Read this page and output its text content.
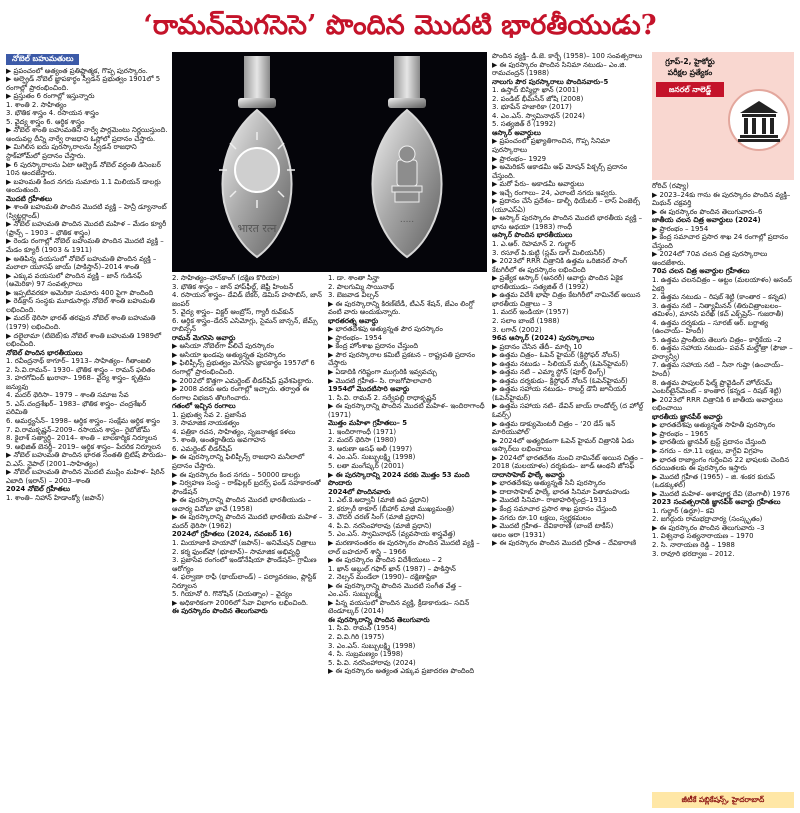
‘రామన్‌మెగసెసె’ పొందిన మొదటి భారతీయుడు?
నోబెల్‌ బహుమతులు

▶ ప్రపంచంలో అత్యంత ప్రతిష్ఠాత్మక, గొప్ప పురస్కారం.

▶ ఆల్ఫ్రెడ్‌ నోబెల్‌ జ్ఞాపకార్థం స్వీడన్‌ ప్రభుత్వం 1901లో 5 రంగాల్లో ప్రారంభించింది.

▶ ప్రస్తుతం 6 రంగాల్లో ఇస్తున్నారు

1. శాంతి 2. సాహిత్యం

3. భౌతిక శాస్త్రం 4. రసాయన శాస్త్రం

5. వైద్య శాస్త్రం 6. ఆర్థిక శాస్త్రం

▶ నోబెల్‌ శాంతి బహుమతిని నార్వే పార్లమెంటు నిర్ణయిస్తుంది. అందువల్ల దీన్ని నార్వే రాజధాని ఓస్లోలో ప్రదానం చేస్తారు.

▶ మిగిలిన ఐదు పురస్కారాలను స్వీడన్‌ రాజధాని స్టాక్‌హోమ్‌లో ప్రదానం చేస్తారు.

▶ 6 పురస్కారాలను ఏటా ఆల్ఫ్రెడ్‌ నోబెల్‌ వర్ధంతి డిసెంబర్‌ 10న అందజేస్తారు.

▶ బహుమతి కింద నగదు సుమారు 1.1 మిలియన్‌ డాలర్లు అందుతుంది.

మొదటి గ్రహీతలు

▶ శాంతి బహుమతి పొందిన మొదటి వ్యక్తి – హెన్రీ డ్యూనాంట్‌ (స్విట్జర్లాండ్‌)

▶ నోబెల్‌ బహుమతి పొందిన మొదటి మహిళ – మేడం క్యూరీ (ఫ్రాన్స్‌ – 1903 – భౌతిక శాస్త్రం)

▶ రెండు రంగాల్లో నోబెల్‌ బహుమతి పొందిన మొదటి వ్యక్తి – మేడం క్యూరీ (1903 & 1911)

▶ అతిపిన్న వయసులో నోబెల్‌ బహుమతి పొందిన వ్యక్తి – మలాలా యూసఫ్‌ జాయ్‌ (పాకిస్తాన్‌)–2014 శాంతి

▶ ఎక్కువ వయసులో పొందిన వ్యక్తి – జాన్‌ గుడినఫ్‌ (అమెరికా) 97 సంవత్సరాలు

▶ ఇప్పటివరకూ అమెరికా సుమారు 400 పైగా పొందింది

▶ రెడ్‌క్రాస్‌ సంస్థకు మూడుసార్లు నోబెల్‌ శాంతి బహుమతి లభించింది.

▶ మదర్‌ థెరిసా భారత్‌ తరఫున నోబెల్‌ శాంతి బహుమతి (1979) లభించింది.

▶ దలైలామా (టిబెట్‌)కు నోబెల్‌ శాంతి బహుమతి 1989లో లభించింది.

నోబెల్‌ పొందిన భారతీయులు

1. రవీంద్రనాథ్‌ ఠాగూర్‌– 1913– సాహిత్యం– గీతాంజలి

2. సి.వి.రామన్‌– 1930– భౌతిక శాస్త్రం – రామన్‌ ఫలితం

3. హరగోవింద్‌ ఖురానా– 1968– వైద్య శాస్త్రం– కృత్రిమ జన్యువు

4. మదర్‌ థెరిసా– 1979 – శాంతి సమాజ సేవ

5. ఎస్‌.చంద్రశేఖర్‌– 1983– భౌతిక శాస్త్రం– చంద్రశేఖర్‌ పరిమితి

6. అమర్త్యసేన్‌– 1998– ఆర్థిక శాస్త్రం– సంక్షేమ ఆర్థిక శాస్త్రం

7. వి.రామకృష్ణన్‌–2009– రసాయన శాస్త్రం– రైబోజోమ్‌

8. కైలాశ్‌ సత్యార్థి– 2014– శాంతి – బాలకార్మిక నిర్మూలన

9. అభిజిత్‌ బెనర్జీ– 2019– ఆర్థిక శాస్త్రం– పేదరిక నిర్మూలన

▶ నోబెల్‌ బహుమతి పొందిన భారత సంతతి బ్రిటిష్‌ పౌరుడు–వి.ఎస్‌. నైపాల్‌ (2001–సాహిత్యం)

▶ నోబెల్‌ బహుమతి పొందిన మొదటి ముస్లిం మహిళ– షిరిన్‌ ఎబాది (ఇరాన్‌) – 2003–శాంతి

2024 నోబెల్‌ గ్రహీతలు

1. శాంతి– నిహాన్‌ హిడాంక్యో (జపాన్‌)

भारत रत्न
.....

2. సాహిత్యం–హాన్‌కాంగ్‌ (దక్షిణ కొరియా)

3. భౌతిక శాస్త్రం – జాన్‌ హాప్‌ఫీల్డ్‌, జెఫ్రీ హింటన్‌

4. రసాయన శాస్త్రం– డేవిడ్‌ బేకర్‌, డెమిస్‌ హసాబిస్‌, జాన్‌ జంపర్‌

5. వైద్య శాస్త్రం– విక్టర్‌ ఆంబ్రోస్‌, గ్యారీ రువ్‌కున్‌

6. ఆర్థిక శాస్త్రం–డేరన్‌ ఎసిమోగ్లు, సైమన్‌ జాన్సన్‌, జేమ్స్‌ రాబిన్సన్‌

రామన్‌ మెగసెసె అవార్డు

▶ ఆసియా నోబెల్‌గా పిలిచే పురస్కారం

▶ ఆసియా ఖండపు అత్యున్నత పురస్కారం

▶ ఫిలిప్పీన్స్‌ ప్రభుత్వం మెగసెసె జ్ఞాపకార్థం 1957లో 6 రంగాల్లో ప్రారంభించింది.

▶ 2002లో కొత్తగా ఎమర్జెంట్‌ లీడర్‌షిప్‌ ప్రవేశపెట్టారు.

▶ 2008 వరకు ఆరు రంగాల్లో ఇచ్చారు. తర్వాత ఈ రంగాల విభజన తొలగించారు.

గతంలో ఇచ్చిన రంగాలు

1. ప్రభుత్వ సేవ 2. ప్రజాసేవ

3. సామాజిక నాయకత్వం

4. పత్రికా రచన, సాహిత్యం, సృజనాత్మక కళలు

5. శాంతి, అంతర్జాతీయ అవగాహన

6. ఎమర్జెంట్‌ లీడర్‌షిప్‌

▶ ఈ పురస్కారాన్ని ఫిలిప్పీన్స్‌ రాజధాని మనీలాలో ప్రదానం చేస్తారు.

▶ ఈ పురస్కారం కింద నగదు – 50000 డాలర్లు

▶ నిర్వహణ సంస్థ – రాక్‌ఫెల్లర్‌ బ్రదర్స్‌ ఫండ్‌ సహకారంతో ఫౌండేషన్‌

▶ ఈ పురస్కారాన్ని పొందిన మొదటి భారతీయుడు – ఆచార్య వినోబా భావే (1958)

▶ ఈ పురస్కారాన్ని పొందిన మొదటి భారతీయ మహిళ – మదర్‌ థెరిసా (1962)

2024లో గ్రహీతలు (2024, నవంబర్‌ 16)

1. మియాజాకి హయావో (జపాన్‌)– అనిమేషన్‌ చిత్రాలు

2. కర్మ ఫుంట్‌షో (భూటాన్‌)– సామాజిక అభివృద్ధి

3. ప్రజాసేవ రంగంలో ఇండోనేషియా ఫౌండేషన్‌– గ్రామీణ ఆరోగ్యం

4. ఫర్వాణా రాఫీ (థాయ్‌లాండ్‌) – పర్యావరణం, ప్లాస్టిక్‌ నిర్మూలన

5. గియానో రి. గొనోషిన్‌ (వియత్నాం) – వైద్యం

▶ అధికారికంగా 2006లో సేవా విభాగం లభించింది.

ఈ పురస్కారం పొందిన తెలుగువారు

1. డా. శాంతా సిన్హా

2. పాలగుమ్మి సాయినాథ్‌

3. బెజవాడ విల్సన్‌

▶ ఈ పురస్కారాన్ని కిరణ్‌బేడీ, టీఎన్‌ శేషన్‌, జేఎం లింగ్డో వంటి వారు అందుకున్నారు.

భారతరత్న అవార్డు

▶ భారతదేశపు అత్యున్నత పౌర పురస్కారం

▶ ప్రారంభం– 1954

▶ కేంద్ర హోంశాఖ ప్రదానం చేస్తుంది

▶ పౌర పురస్కారాల కమిటీ ప్రకటన – రాష్ట్రపతి ప్రదానం చేస్తారు

▶ ఏడాదికి గరిష్టంగా ముగ్గురికి ఇవ్వవచ్చు

▶ మొదటి గ్రహీత– సి. రాజగోపాలాచారి

1954లో మొదటిసారి అవార్డు

1. సి.వి. రామన్‌ 2. సర్వేపల్లి రాధాకృష్ణన్‌

▶ ఈ పురస్కారాన్ని పొందిన మొదటి మహిళ– ఇందిరాగాంధీ (1971)

మొత్తం మహిళా గ్రహీతలు– 5

1. ఇందిరాగాంధీ (1971)

2. మదర్‌ థెరిసా (1980)

3. అరుణా అసఫ్‌ అలీ (1997)

4. ఎం.ఎస్‌. సుబ్బులక్ష్మి (1998)

5. లతా మంగేష్కర్‌ (2001)

▶ ఈ పురస్కారాన్ని 2024 వరకు మొత్తం 53 మంది పొందారు

2024లో పొందినవారు

1. ఎల్‌.కె.అద్వానీ (మాజీ ఉప ప్రధాని)

2. కర్పూరీ ఠాకూర్‌ (బీహార్‌ మాజీ ముఖ్యమంత్రి)

3. చౌదరి చరణ్‌ సింగ్‌ (మాజీ ప్రధాని)

4. పి.వి. నరసింహారావు (మాజీ ప్రధాని)

5. ఎం.ఎస్‌. స్వామినాథన్‌ (వ్యవసాయ శాస్త్రవేత్త)

▶ మరణానంతరం ఈ పురస్కారం పొందిన మొదటి వ్యక్తి – లాల్‌ బహదూర్‌ శాస్త్రి – 1966

▶ ఈ పురస్కారం పొందిన విదేశీయులు – 2

1. ఖాన్‌ అబ్దుల్‌ గఫార్‌ ఖాన్‌ (1987) – పాకిస్తాన్‌

2. నెల్సన్‌ మండేలా (1990)– దక్షిణాఫ్రికా

▶ ఈ పురస్కారాన్ని పొందిన మొదటి సంగీత వేత్త – ఎం.ఎస్‌. సుబ్బులక్ష్మి

▶ పిన్న వయసులో పొందిన వ్యక్తి, క్రీడాకారుడు– సచిన్‌ టెండూల్కర్‌ (2014)

ఈ పురస్కారాన్ని పొందిన తెలుగువారు

1. సి.వి. రామన్‌ (1954)

2. వి.వి.గిరి (1975)

3. ఎం.ఎస్‌. సుబ్బులక్ష్మి (1998)

4. సి. సుబ్రమణ్యం (1998)

5. పి.వి. నరసింహారావు (2024)

▶ ఈ పురస్కారం అత్యంత ఎక్కువ ప్రజాదరణ పొందింది

పొందిన వ్యక్తి– డి.జె. కార్బే (1958)– 100 సంవత్సరాలు

▶ ఈ పురస్కారం పొందిన సినిమా నటుడు– ఎం.జి. రామచంద్రన్‌ (1988)

నాలుగు పౌర పురస్కారాలు పొందినవారు–5

1. ఉస్తాద్‌ బిస్మిల్లా ఖాన్‌ (2001)

2. పండిట్‌ భీమ్‌సేన్‌ జోషి (2008)

3. భూపేన్‌ హజారికా (2017)

4. ఎం.ఎస్‌. స్వామినాథన్‌ (2024)

5. సత్యజిత్‌ రే (1992)

ఆస్కార్‌ అవార్డులు

▶ ప్రపంచంలో ప్రఖ్యాతిగాంచిన, గొప్ప సినిమా పురస్కారాలు

▶ ప్రారంభం– 1929

▶ అమెరికన్‌ అకాడమీ ఆఫ్‌ మోషన్‌ పిక్చర్స్‌ ప్రదానం చేస్తుంది.

▶ మరో పేరు– అకాడమీ అవార్డులు

▶ ఇచ్చే రంగాలు– 24, ఎలాంటి నగదు ఇవ్వరు.

▶ ప్రదానం చేసే ప్రదేశం– డాల్బీ థియేటర్‌ – లాస్‌ ఏంజెల్స్‌ (యూఎస్‌ఏ)

▶ ఆస్కార్‌ పురస్కారం పొందిన మొదటి భారతీయ వ్యక్తి – భాను అథయా (1983) గాంధీ

ఆస్కార్‌ పొందిన భారతీయులు

1. ఎ.ఆర్‌. రెహమాన్‌ 2. గుల్జార్‌

3. రసూల్‌ పి.కుట్టి (స్లమ్‌ డాగ్‌ మిలియనీర్‌)

▶ 2023లో RRR చిత్రానికి ఉత్తమ ఒరిజినల్‌ సాంగ్‌ కేటగిరీలో ఈ పురస్కారం లభించింది

▶ ప్రత్యేక ఆస్కార్‌ (ఆనరరీ) అవార్డు పొందిన ఏకైక భారతీయుడు– సత్యజిత్‌ రే (1992)

▶ ఉత్తమ విదేశీ భాషా చిత్రం కేటగిరీలో నామినేట్‌ అయిన భారతీయ చిత్రాలు – 3

1. మదర్‌ ఇండియా (1957)

2. సలాం బాంబే (1988)

3. లగాన్‌ (2002)

96వ ఆస్కార్‌ (2024) పురస్కారాలు

▶ ప్రదానం చేసిన తేదీ– మార్చి 10

▶ ఉత్తమ చిత్రం– ఓపెన్‌ హైమర్‌ (క్రిస్టోఫర్‌ నోలన్‌)

▶ ఉత్తమ నటుడు – సిలియన్‌ మర్ఫీ (ఓపెన్‌హైమర్‌)

▶ ఉత్తమ నటి – ఎమ్మా స్టోన్‌ (పూర్‌ థింగ్స్‌)

▶ ఉత్తమ దర్శకుడు– క్రిస్టోఫర్‌ నోలన్‌ (ఓపెన్‌హైమర్‌)

▶ ఉత్తమ సహాయ నటుడు– రాబర్ట్‌ డౌనీ జూనియర్‌ (ఓపెన్‌హైమర్‌)

▶ ఉత్తమ సహాయ నటి– డేవిన్‌ జాయ్‌ రాండోల్ఫ్‌ (ద హోల్డ్‌ ఓవర్స్‌)

▶ ఉత్తమ డాక్యుమెంటరీ చిత్రం – ‘20 డేస్‌ ఇన్‌ మారియుపోల్‌’

▶ 2024లో అత్యధికంగా ఓపెన్‌ హైమర్‌ చిత్రానికి ఏడు ఆస్కార్‌లు లభించాయి

▶ 2024లో భారతదేశం నుంచి నామినేట్‌ అయిన చిత్రం – 2018 (మలయాళం) దర్శకుడు– జూడ్‌ ఆంథనీ జోసఫ్‌

దాదాసాహెబ్‌ ఫాల్కే అవార్డు

▶ భారతదేశపు అత్యున్నత సినీ పురస్కారం

▶ దాదాసాహెబ్‌ ఫాల్కే భారత సినిమా పితామహుడు

▶ మొదటి సినిమా– రాజాహరిశ్చంద్ర–1913

▶ కేంద్ర సమాచార ప్రసార శాఖ ప్రదానం చేస్తుంది

▶ నగదు రూ.10 లక్షలు, స్వర్ణకమలం

▶ మొదటి గ్రహీత– దేవికారాణి (బాంబే టాకీస్‌)

అలం ఆరా (1931)

▶ ఈ పురస్కారం పొందిన మొదటి గ్రహీత – దేవికారాణి

గ్రూప్‌-2, హైకోర్టు
పరీక్షల ప్రత్యేకం
జనరల్‌ నాలెడ్జ్‌

రోరిచ్‌ (రష్యా)

▶ 2023–24కు గాను ఈ పురస్కారం పొందిన వ్యక్తి– మిథున్‌ చక్రవర్తి

▶ ఈ పురస్కారం పొందిన తెలుగువారు–6

జాతీయ చలన చిత్ర అవార్డులు (2024)

▶ ప్రారంభం – 1954

▶ కేంద్ర సమాచార ప్రసార శాఖ 24 రంగాల్లో ప్రదానం చేస్తుంది

▶ 2024లో 70వ చలన చిత్ర పురస్కారాలు అందజేశారు.

70వ చలన చిత్ర అవార్డుల గ్రహీతలు

1. ఉత్తమ చలనచిత్రం – ఆట్టం (మలయాళం) ఆనంద్‌ ఏకర్షి

2. ఉత్తమ నటుడు – రిషబ్‌ శెట్టి (కాంతార – కన్నడ)

3. ఉత్తమ నటి – నిత్యామీనన్‌ (తిరుచిత్రాంబలం– తమిళం), మానసి పరేఖ్‌ (కచ్‌ ఎక్స్‌ప్రెస్‌– గుజరాతీ)

4. ఉత్తమ దర్శకుడు – సూరజ్‌ ఆర్‌. బర్జాత్య (ఉంచాయ్‌– హిందీ)

5. ఉత్తమ ప్రాంతీయ తెలుగు చిత్రం– కార్తికేయ –2

6. ఉత్తమ సహాయ నటుడు– పవన్‌ మల్హోత్రా (ఫౌజా – హర్యాన్వీ)

7. ఉత్తమ సహాయ నటి – నీనా గుప్తా (ఉంచాయ్‌–హిందీ)

8. ఉత్తమ పాపులర్‌ ఫిల్మ్‌ ప్రొవైడింగ్‌ హోల్‌సమ్‌ ఎంటర్‌టైన్‌మెంట్‌ – కాంతార (కన్నడ – రిషబ్‌ శెట్టి)

▶ 2023లో RRR చిత్రానికి 6 జాతీయ అవార్డులు లభించాయి

భారతీయ జ్ఞానపీఠ్‌ అవార్డు

▶ భారతదేశపు అత్యున్నత సాహితీ పురస్కారం

▶ ప్రారంభం – 1965

▶ భారతీయ జ్ఞానపీఠ్‌ ట్రస్ట్‌ ప్రదానం చేస్తుంది

▶ నగదు – రూ.11 లక్షలు, వాగ్దేవి విగ్రహం

▶ భారత రాజ్యాంగం గుర్తించిన 22 భాషలకు చెందిన రచయితలకు ఈ పురస్కారం ఇస్తారు

▶ మొదటి గ్రహీత (1965) – జి. శంకర కురుప్‌ (ఒడక్కుళల్‌)

▶ మొదటి మహిళ– ఆశాపూర్ణ దేవి (బెంగాలీ) 1976

2023 సంవత్సరానికి జ్ఞానపీఠ్‌ అవార్డు గ్రహీతలు

1. గుల్జార్‌ (ఉర్దూ)– కవి

2. జగద్గురు రామభద్రాచార్య (సంస్కృతం)

▶ ఈ పురస్కారం పొందిన తెలుగువారు –3

1. విశ్వనాథ సత్యనారాయణ – 1970

2. సి. నారాయణ రెడ్డి – 1988

3. రావూరి భరద్వాజ – 2012.

జీటీకే పబ్లికేషన్స్‌, హైదరాబాద్‌
